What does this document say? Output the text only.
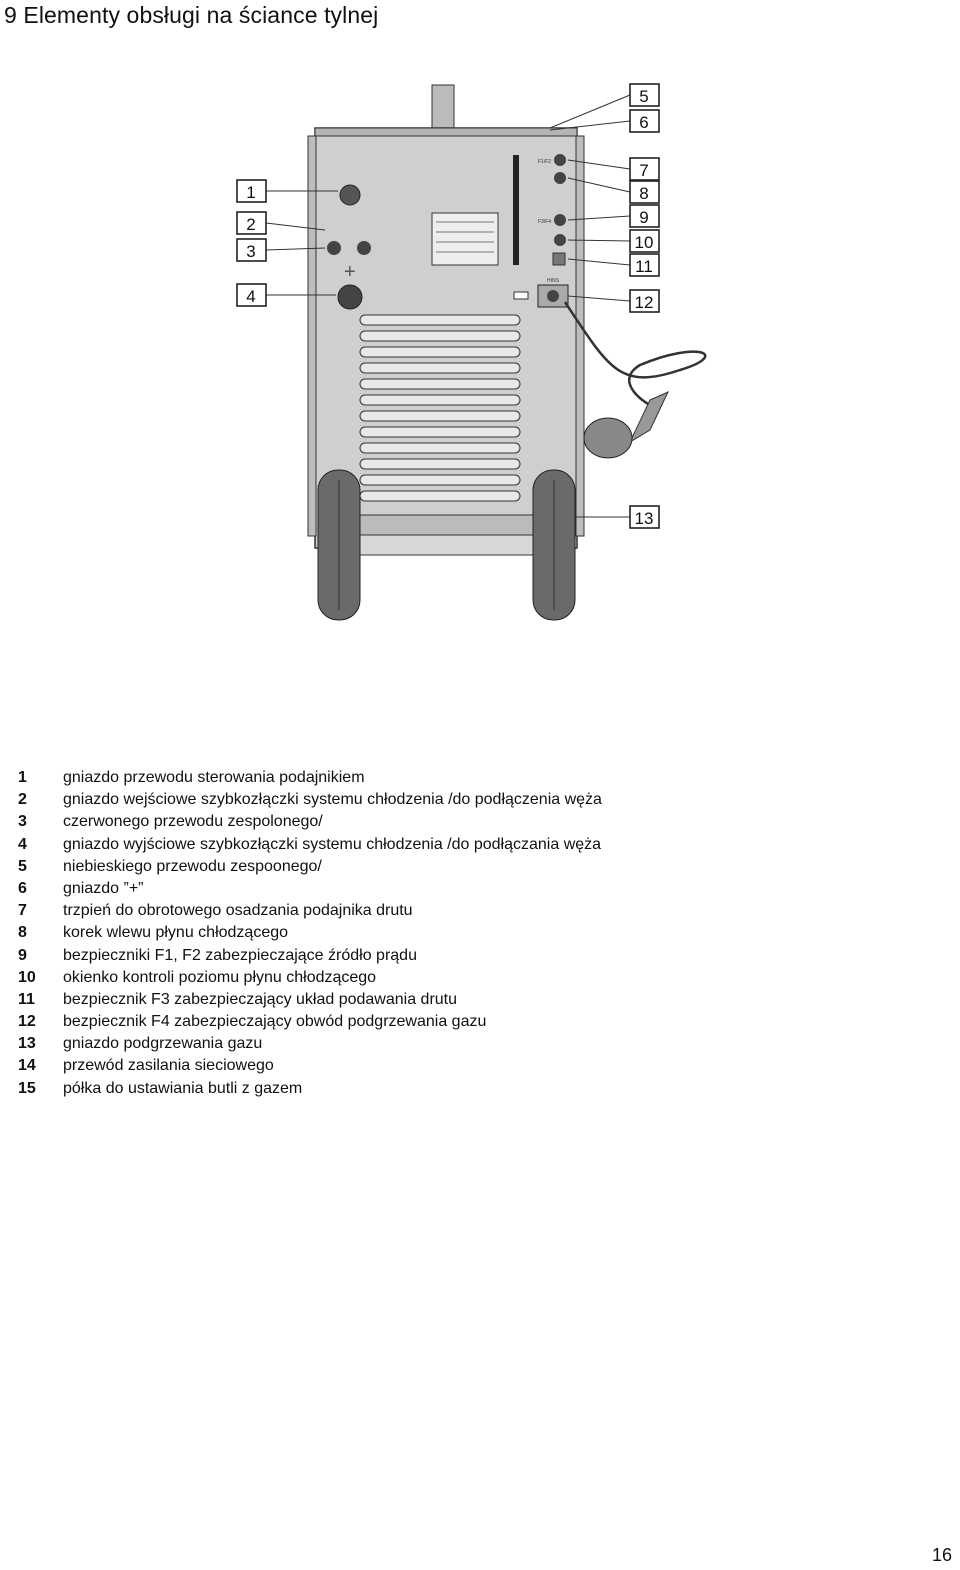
9 Elementy obsługi na ściance tylnej
+
F1/F2
F3/F4
HINS
1
2
3
4
5
6
7
8
9
10
11
12
13
1 gniazdo przewodu sterowania podajnikiem
2 gniazdo wejściowe szybkozłączki systemu chłodzenia /do podłączenia węża
3 czerwonego przewodu zespolonego/
4 gniazdo wyjściowe szybkozłączki systemu chłodzenia /do podłączania węża
5 niebieskiego przewodu zespoonego/
6 gniazdo ”+”
7 trzpień do obrotowego osadzania podajnika drutu
8 korek wlewu płynu chłodzącego
9 bezpieczniki F1, F2 zabezpieczające źródło prądu
10 okienko kontroli poziomu płynu chłodzącego
11 bezpiecznik F3 zabezpieczający układ podawania drutu
12 bezpiecznik F4 zabezpieczający obwód podgrzewania gazu
13 gniazdo podgrzewania gazu
14 przewód zasilania sieciowego
15 półka do ustawiania butli z gazem
16
